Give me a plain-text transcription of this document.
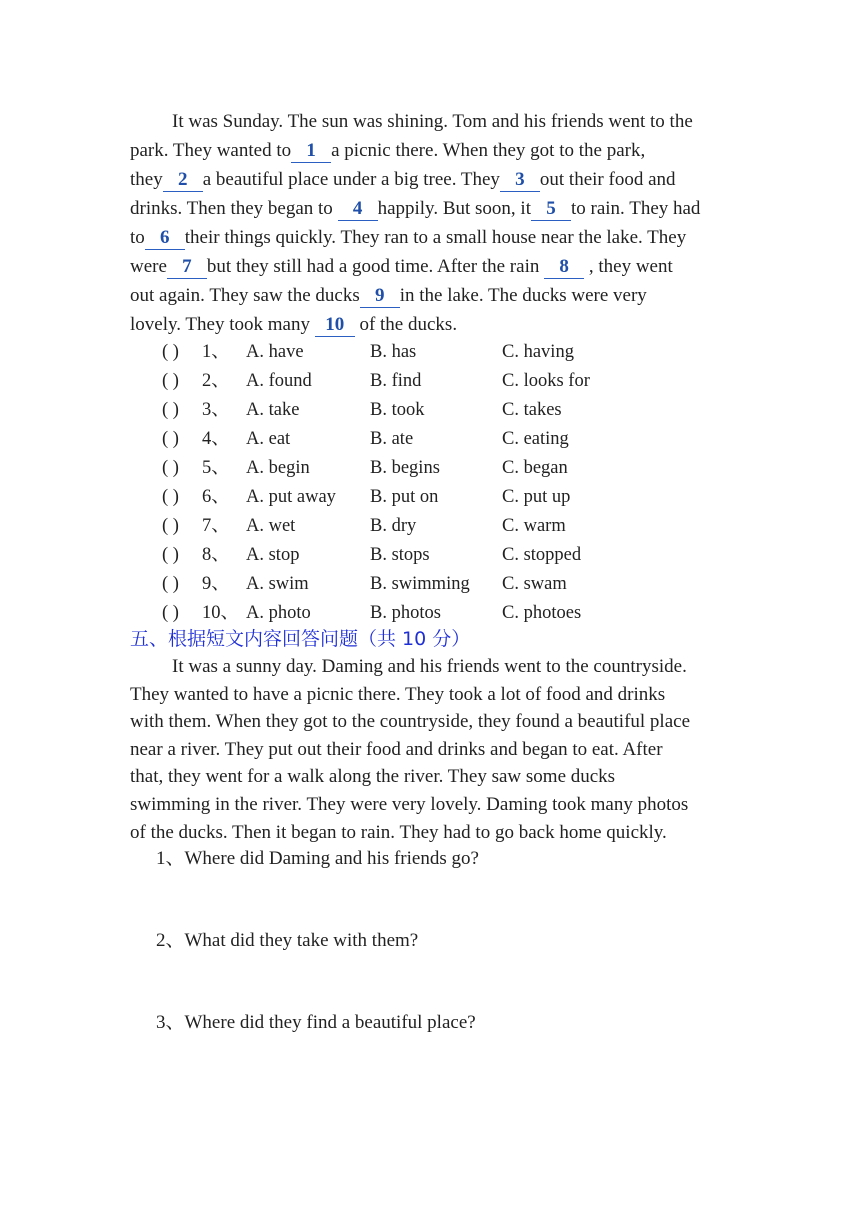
It was Sunday. The sun was shining. Tom and his friends went to the
park. They wanted to 1 a picnic there. When they got to the park,
they 2 a beautiful place under a big tree. They 3 out their food and
drinks. Then they began to 4 happily. But soon, it 5 to rain. They had
to 6 their things quickly. They ran to a small house near the lake. They
were 7 but they still had a good time. After the rain 8 , they went
out again. They saw the ducks 9 in the lake. The ducks were very
lovely. They took many 10 of the ducks.
( ) 1、 A. have	B. has	C. having
( ) 2、 A. found	B. find	C. looks for
( ) 3、 A. take	B. took	C. takes
( ) 4、 A. eat	B. ate	C. eating
( ) 5、 A. begin	B. begins	C. began
( ) 6、 A. put away B. put on	C. put up
( ) 7、 A. wet	B. dry	C. warm
( ) 8、 A. stop	B. stops	C. stopped
( ) 9、 A. swim	B. swimming C. swam
( ) 10、 A. photo	B. photos	C. photoes
五、根据短文内容回答问题（共 10 分）
It was a sunny day. Daming and his friends went to the countryside.
They wanted to have a picnic there. They took a lot of food and drinks
with them. When they got to the countryside, they found a beautiful place
near a river. They put out their food and drinks and began to eat. After
that, they went for a walk along the river. They saw some ducks
swimming in the river. They were very lovely. Daming took many photos
of the ducks. Then it began to rain. They had to go back home quickly.
1、Where did Daming and his friends go?
2、What did they take with them?
3、Where did they find a beautiful place?
